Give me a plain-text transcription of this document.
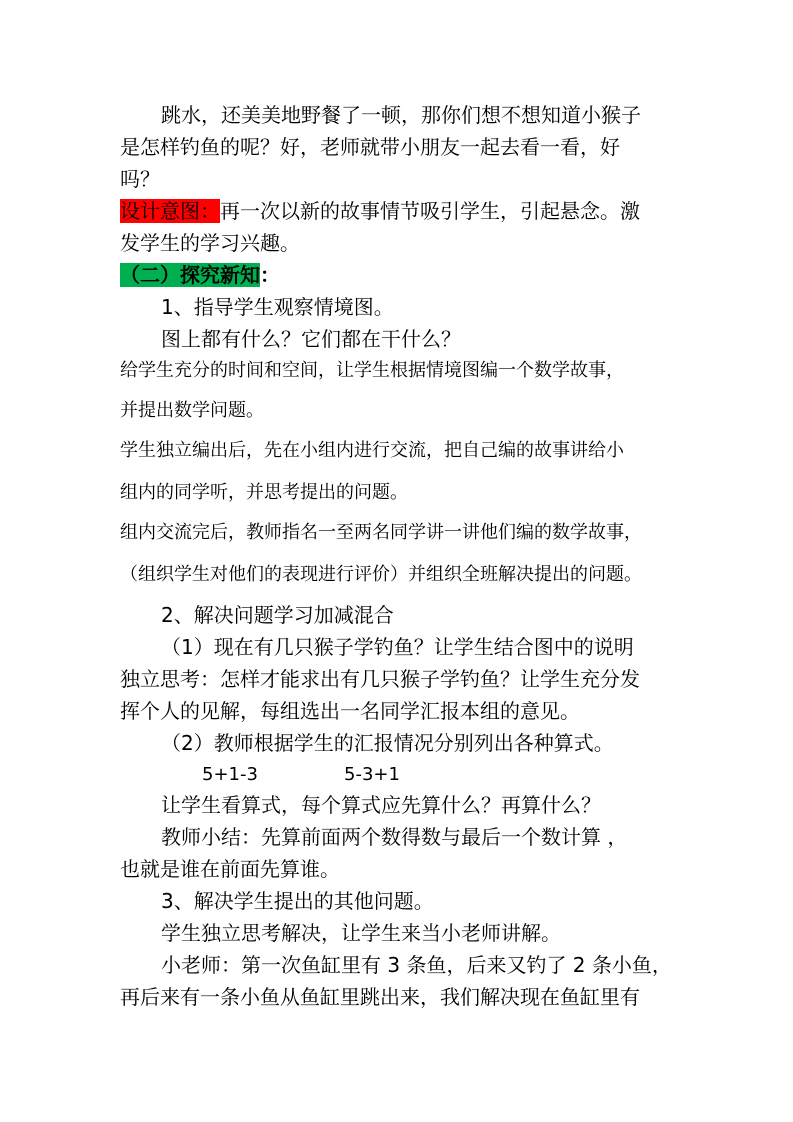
跳水，还美美地野餐了一顿，那你们想不想知道小猴子
是怎样钓鱼的呢？好，老师就带小朋友一起去看一看，好
吗？
设计意图：再一次以新的故事情节吸引学生，引起悬念。激
发学生的学习兴趣。
（二）探究新知：
1、指导学生观察情境图。
图上都有什么？它们都在干什么？
给学生充分的时间和空间，让学生根据情境图编一个数学故事，
并提出数学问题。
学生独立编出后，先在小组内进行交流，把自己编的故事讲给小
组内的同学听，并思考提出的问题。
组内交流完后，教师指名一至两名同学讲一讲他们编的数学故事，
（组织学生对他们的表现进行评价）并组织全班解决提出的问题。
2、解决问题学习加减混合
（1）现在有几只猴子学钓鱼？让学生结合图中的说明
独立思考：怎样才能求出有几只猴子学钓鱼？让学生充分发
挥个人的见解，每组选出一名同学汇报本组的意见。
（2）教师根据学生的汇报情况分别列出各种算式。
5+1-3	5-3+1
让学生看算式，每个算式应先算什么？再算什么？
教师小结：先算前面两个数得数与最后一个数计算 ，
也就是谁在前面先算谁。
3、解决学生提出的其他问题。
学生独立思考解决，让学生来当小老师讲解。
小老师：第一次鱼缸里有 3 条鱼，后来又钓了 2 条小鱼，
再后来有一条小鱼从鱼缸里跳出来，我们解决现在鱼缸里有
